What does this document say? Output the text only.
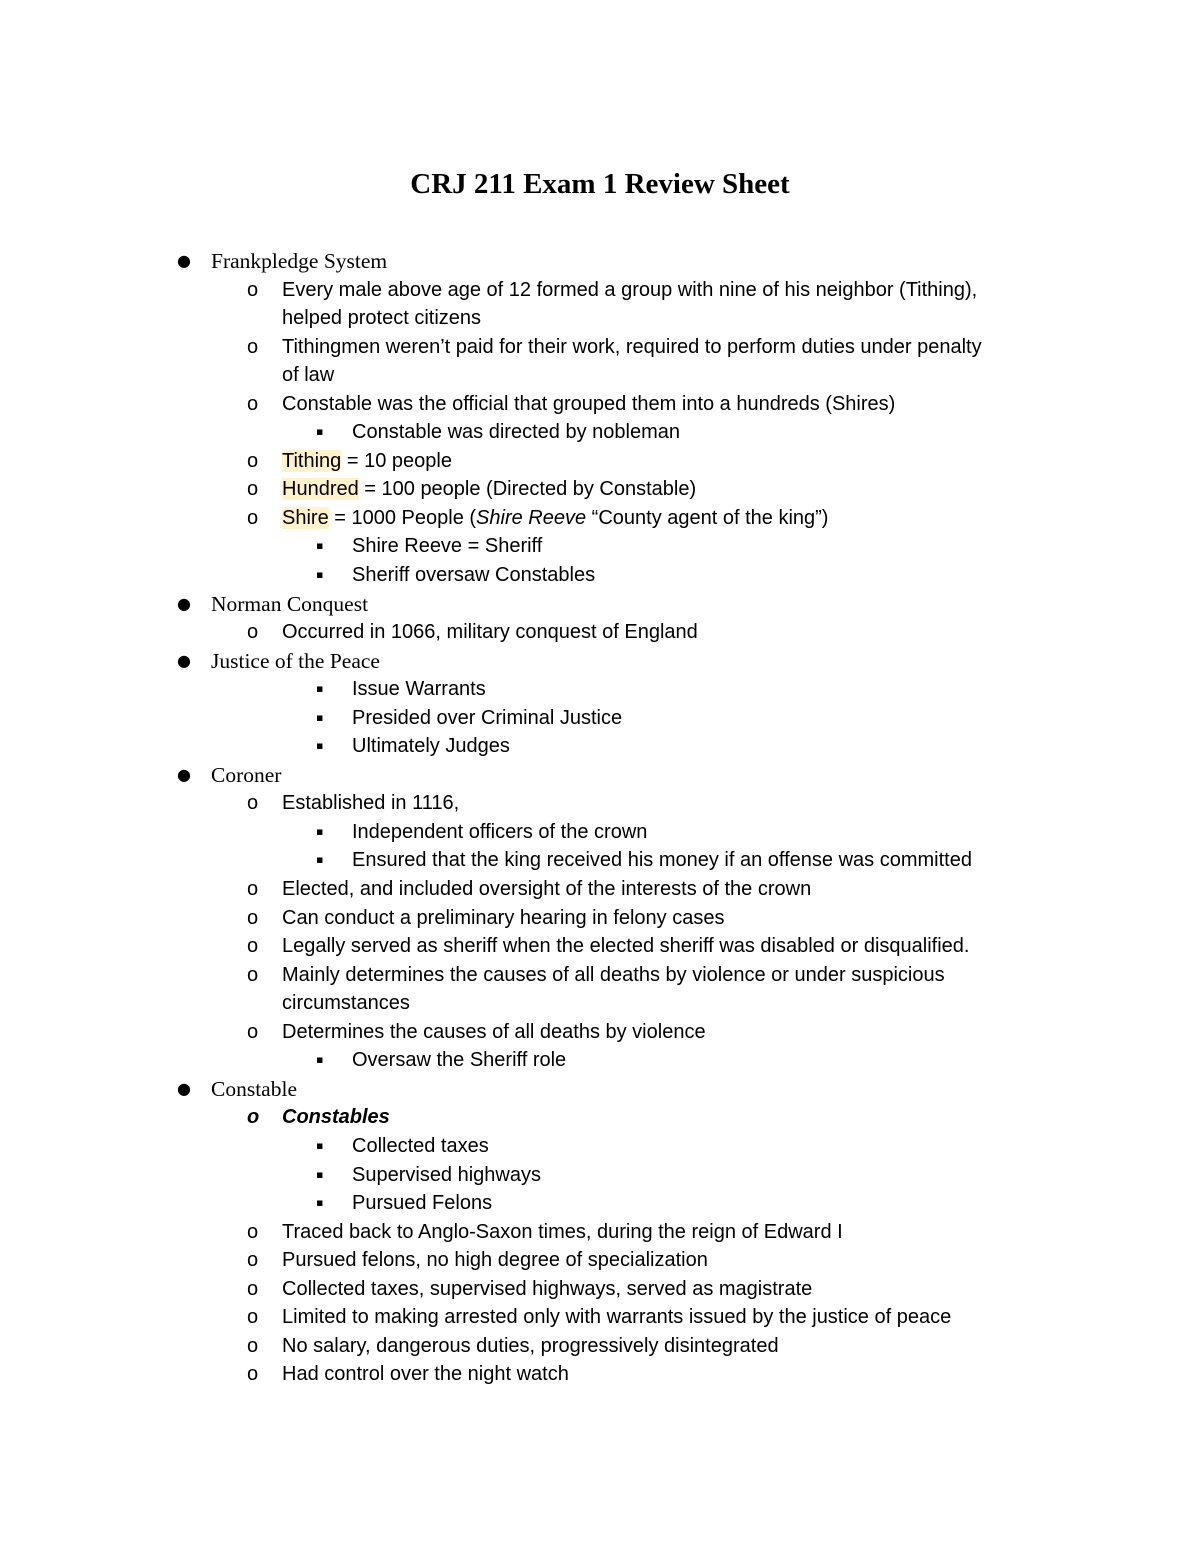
CRJ 211 Exam 1 Review Sheet
● Frankpledge System
o Every male above age of 12 formed a group with nine of his neighbor (Tithing),
helped protect citizens
o Tithingmen weren’t paid for their work, required to perform duties under penalty
of law
o Constable was the official that grouped them into a hundreds (Shires)
▪ Constable was directed by nobleman
o Tithing = 10 people
o Hundred = 100 people (Directed by Constable)
o Shire = 1000 People (Shire Reeve “County agent of the king”)
▪ Shire Reeve = Sheriff
▪ Sheriff oversaw Constables
● Norman Conquest
o Occurred in 1066, military conquest of England
● Justice of the Peace
▪ Issue Warrants
▪ Presided over Criminal Justice
▪ Ultimately Judges
● Coroner
o Established in 1116,
▪ Independent officers of the crown
▪ Ensured that the king received his money if an offense was committed
o Elected, and included oversight of the interests of the crown
o Can conduct a preliminary hearing in felony cases
o Legally served as sheriff when the elected sheriff was disabled or disqualified.
o Mainly determines the causes of all deaths by violence or under suspicious
circumstances
o Determines the causes of all deaths by violence
▪ Oversaw the Sheriff role
● Constable
o Constables
▪ Collected taxes
▪ Supervised highways
▪ Pursued Felons
o Traced back to Anglo-Saxon times, during the reign of Edward I
o Pursued felons, no high degree of specialization
o Collected taxes, supervised highways, served as magistrate
o Limited to making arrested only with warrants issued by the justice of peace
o No salary, dangerous duties, progressively disintegrated
o Had control over the night watch
